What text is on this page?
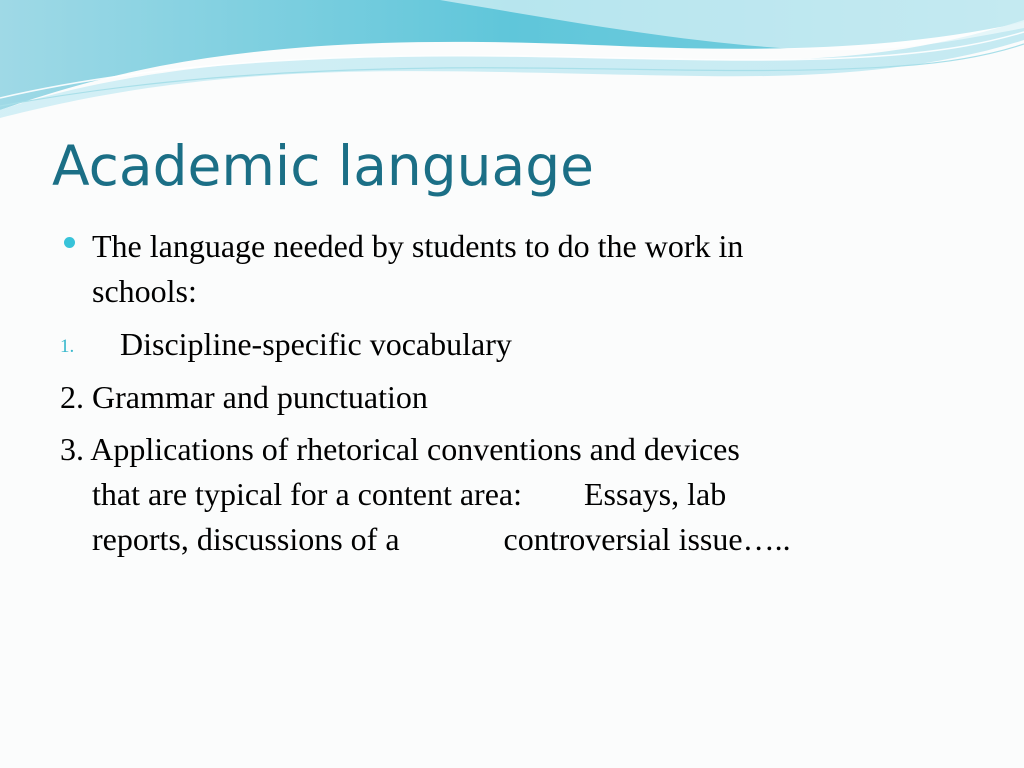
Academic language
The language needed by students to do the work in
schools:
1. Discipline-specific vocabulary
2. Grammar and punctuation
3. Applications of rhetorical conventions and devices
that are typical for a content area: Essays, lab
reports, discussions of a	controversial issue…..
